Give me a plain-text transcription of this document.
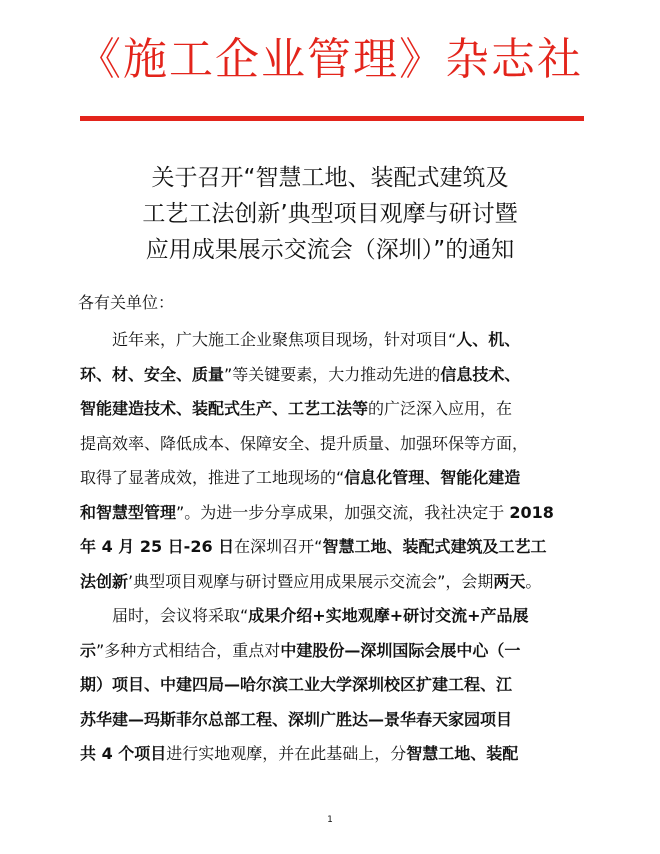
《施工企业管理》杂志社
关于召开“智慧工地、装配式建筑及
工艺工法创新’典型项目观摩与研讨暨
应用成果展示交流会（深圳）”的通知
各有关单位：
近年来，广大施工企业聚焦项目现场，针对项目“人、机、
环、材、安全、质量”等关键要素，大力推动先进的信息技术、
智能建造技术、装配式生产、工艺工法等的广泛深入应用，在
提高效率、降低成本、保障安全、提升质量、加强环保等方面，
取得了显著成效，推进了工地现场的“信息化管理、智能化建造
和智慧型管理”。为进一步分享成果，加强交流，我社决定于 2018
年 4 月 25 日-26 日在深圳召开“智慧工地、装配式建筑及工艺工
法创新’典型项目观摩与研讨暨应用成果展示交流会”，会期两天。
届时，会议将采取“成果介绍+实地观摩+研讨交流+产品展
示”多种方式相结合，重点对中建股份—深圳国际会展中心（一
期）项目、中建四局—哈尔滨工业大学深圳校区扩建工程、江
苏华建—玛斯菲尔总部工程、深圳广胜达—景华春天家园项目
共 4 个项目进行实地观摩，并在此基础上，分智慧工地、装配
1
